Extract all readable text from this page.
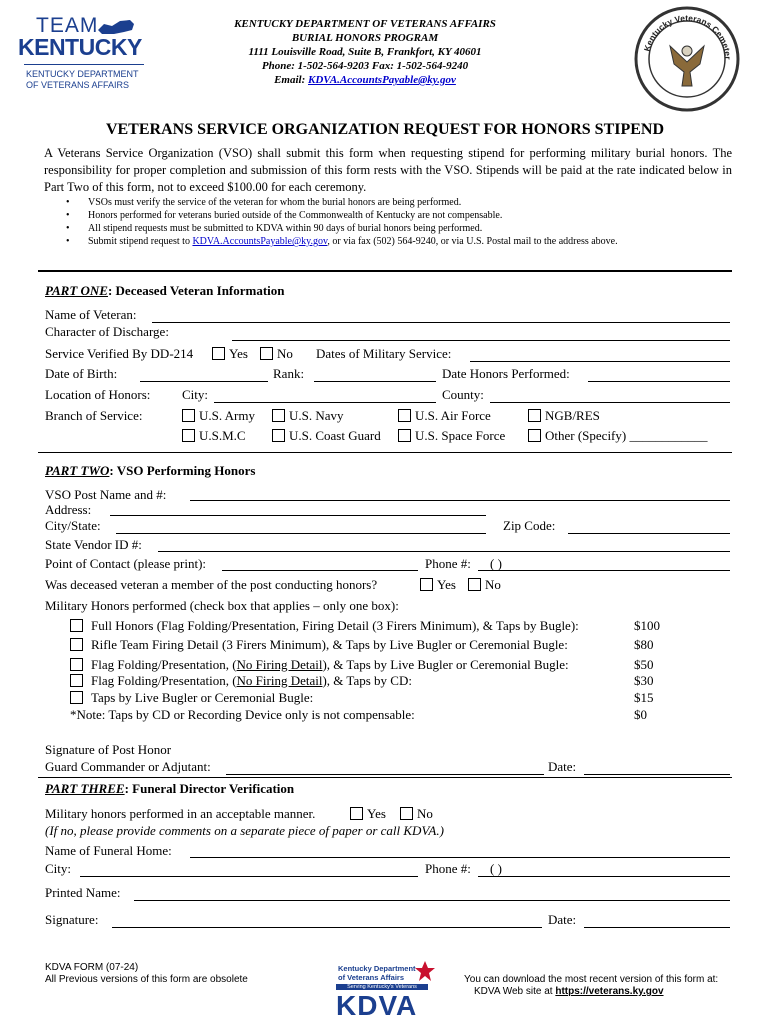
TEAM
KENTUCKY
KENTUCKY DEPARTMENT
OF VETERANS AFFAIRS
KENTUCKY DEPARTMENT OF VETERANS AFFAIRS
BURIAL HONORS PROGRAM
1111 Louisville Road, Suite B, Frankfort, KY 40601
Phone: 1-502-564-9203 Fax: 1-502-564-9240
Email: KDVA.AccountsPayable@ky.gov
Kentucky Veterans Cemeter
VETERANS SERVICE ORGANIZATION REQUEST FOR HONORS STIPEND
A Veterans Service Organization (VSO) shall submit this form when requesting stipend for performing military burial honors. The responsibility for proper completion and submission of this form rests with the VSO. Stipends will be paid at the rate indicated below in Part Two of this form, not to exceed $100.00 for each ceremony.
• VSOs must verify the service of the veteran for whom the burial honors are being performed.
• Honors performed for veterans buried outside of the Commonwealth of Kentucky are not compensable.
• All stipend requests must be submitted to KDVA within 90 days of burial honors being performed.
• Submit stipend request to KDVA.AccountsPayable@ky.gov, or via fax (502) 564-9240, or via U.S. Postal mail to the address above.
PART ONE: Deceased Veteran Information
Name of Veteran:
Character of Discharge:
Service Verified By DD-214	Yes	No Dates of Military Service:
Date of Birth:	Rank:	Date Honors Performed:
Location of Honors: City:	County:
Branch of Service:	U.S. Army	U.S. Navy	U.S. Air Force	NGB/RES
U.S.M.C	U.S. Coast Guard	U.S. Space Force	Other (Specify) ____________
PART TWO: VSO Performing Honors
VSO Post Name and #:
Address:
City/State:	Zip Code:
State Vendor ID #:
Point of Contact (please print):	Phone #: ( )
Was deceased veteran a member of the post conducting honors?	Yes	No
Military Honors performed (check box that applies – only one box):
Full Honors (Flag Folding/Presentation, Firing Detail (3 Firers Minimum), & Taps by Bugle):	$100
Rifle Team Firing Detail (3 Firers Minimum), & Taps by Live Bugler or Ceremonial Bugle:	$80
Flag Folding/Presentation, (No Firing Detail), & Taps by Live Bugler or Ceremonial Bugle:	$50
Flag Folding/Presentation, (No Firing Detail), & Taps by CD:	$30
Taps by Live Bugler or Ceremonial Bugle:	$15
*Note: Taps by CD or Recording Device only is not compensable:	$0
Signature of Post Honor
Guard Commander or Adjutant:	Date:
PART THREE: Funeral Director Verification
Military honors performed in an acceptable manner.	Yes	No
(If no, please provide comments on a separate piece of paper or call KDVA.)
Name of Funeral Home:
City:	Phone #: ( )
Printed Name:
Signature:	Date:
KDVA FORM (07-24)
All Previous versions of this form are obsolete
Kentucky Department
of Veterans Affairs
Serving Kentucky's Veterans
KDVA
You can download the most recent version of this form at:
KDVA Web site at https://veterans.ky.gov
